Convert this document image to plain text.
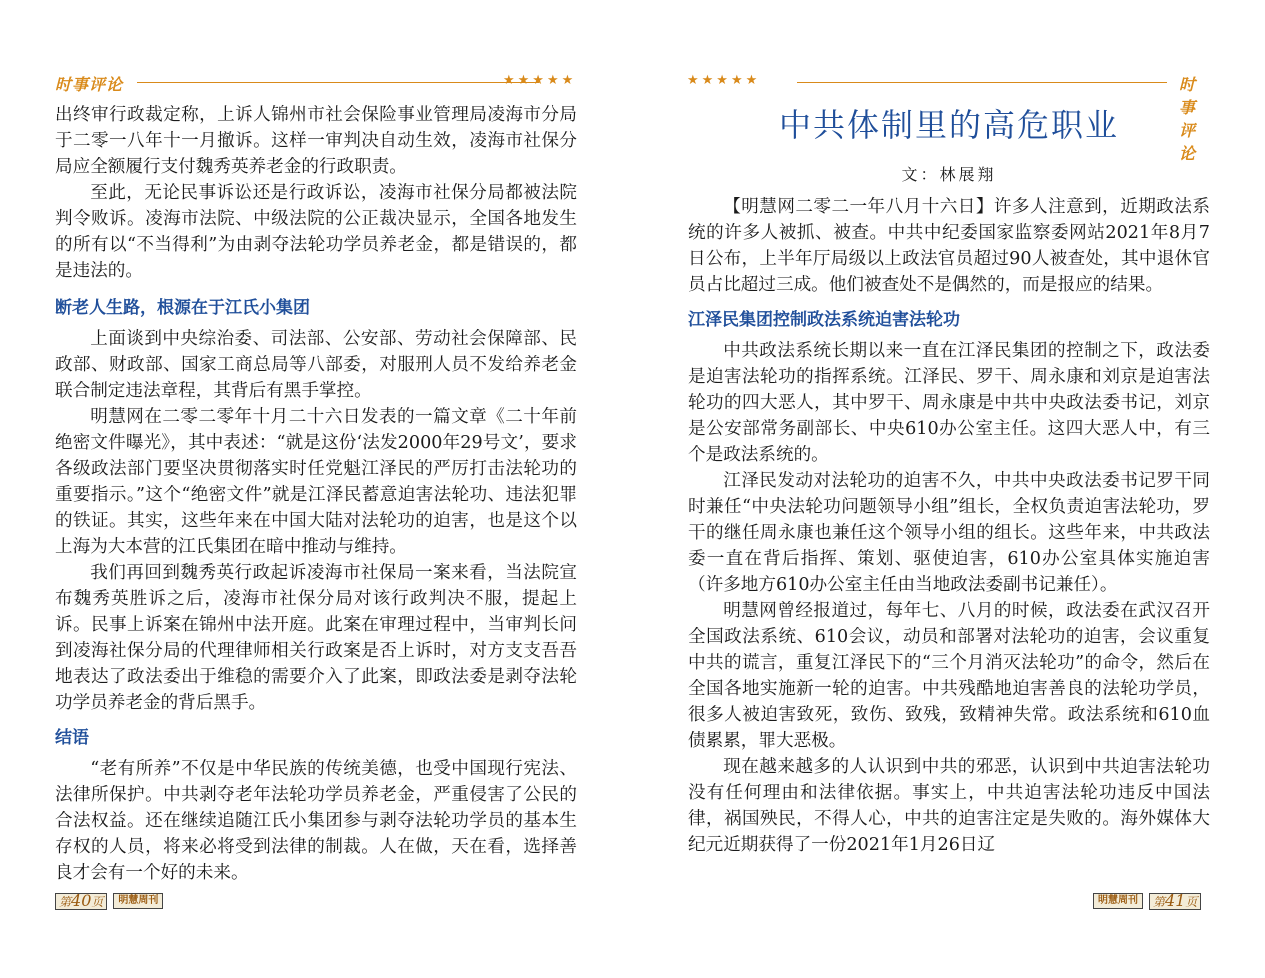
时事评论	★★★★★

出终审行政裁定称，上诉人锦州市社会保险事业管理局凌海市分局于二零一八年十一月撤诉。这样一审判决自动生效，凌海市社保分局应全额履行支付魏秀英养老金的行政职责。

至此，无论民事诉讼还是行政诉讼，凌海市社保分局都被法院判令败诉。凌海市法院、中级法院的公正裁决显示，全国各地发生的所有以“不当得利”为由剥夺法轮功学员养老金，都是错误的，都是违法的。

断老人生路，根源在于江氏小集团

上面谈到中央综治委、司法部、公安部、劳动社会保障部、民政部、财政部、国家工商总局等八部委，对服刑人员不发给养老金联合制定违法章程，其背后有黑手掌控。

明慧网在二零二零年十月二十六日发表的一篇文章《二十年前绝密文件曝光》，其中表述：“就是这份‘法发2000年29号文’，要求各级政法部门要坚决贯彻落实时任党魁江泽民的严厉打击法轮功的重要指示。”这个“绝密文件”就是江泽民蓄意迫害法轮功、违法犯罪的铁证。其实，这些年来在中国大陆对法轮功的迫害，也是这个以上海为大本营的江氏集团在暗中推动与维持。

我们再回到魏秀英行政起诉凌海市社保局一案来看，当法院宣布魏秀英胜诉之后，凌海市社保分局对该行政判决不服，提起上诉。民事上诉案在锦州中法开庭。此案在审理过程中，当审判长问到凌海社保分局的代理律师相关行政案是否上诉时，对方支支吾吾地表达了政法委出于维稳的需要介入了此案，即政法委是剥夺法轮功学员养老金的背后黑手。

结语

“老有所养”不仅是中华民族的传统美德，也受中国现行宪法、法律所保护。中共剥夺老年法轮功学员养老金，严重侵害了公民的合法权益。还在继续追随江氏小集团参与剥夺法轮功学员的基本生存权的人员，将来必将受到法律的制裁。人在做，天在看，选择善良才会有一个好的未来。

第40页	明慧周刊
★★★★★	时事评论
中共体制里的高危职业
文：林展翔

【明慧网二零二一年八月十六日】许多人注意到，近期政法系统的许多人被抓、被查。中共中纪委国家监察委网站2021年8月7日公布，上半年厅局级以上政法官员超过90人被查处，其中退休官员占比超过三成。他们被查处不是偶然的，而是报应的结果。

江泽民集团控制政法系统迫害法轮功

中共政法系统长期以来一直在江泽民集团的控制之下，政法委是迫害法轮功的指挥系统。江泽民、罗干、周永康和刘京是迫害法轮功的四大恶人，其中罗干、周永康是中共中央政法委书记，刘京是公安部常务副部长、中央610办公室主任。这四大恶人中，有三个是政法系统的。

江泽民发动对法轮功的迫害不久，中共中央政法委书记罗干同时兼任“中央法轮功问题领导小组”组长，全权负责迫害法轮功，罗干的继任周永康也兼任这个领导小组的组长。这些年来，中共政法委一直在背后指挥、策划、驱使迫害，610办公室具体实施迫害（许多地方610办公室主任由当地政法委副书记兼任）。

明慧网曾经报道过，每年七、八月的时候，政法委在武汉召开全国政法系统、610会议，动员和部署对法轮功的迫害，会议重复中共的谎言，重复江泽民下的“三个月消灭法轮功”的命令，然后在全国各地实施新一轮的迫害。中共残酷地迫害善良的法轮功学员，很多人被迫害致死，致伤、致残，致精神失常。政法系统和610血债累累，罪大恶极。

现在越来越多的人认识到中共的邪恶，认识到中共迫害法轮功没有任何理由和法律依据。事实上，中共迫害法轮功违反中国法律，祸国殃民，不得人心，中共的迫害注定是失败的。海外媒体大纪元近期获得了一份2021年1月26日辽

明慧周刊	第41页
